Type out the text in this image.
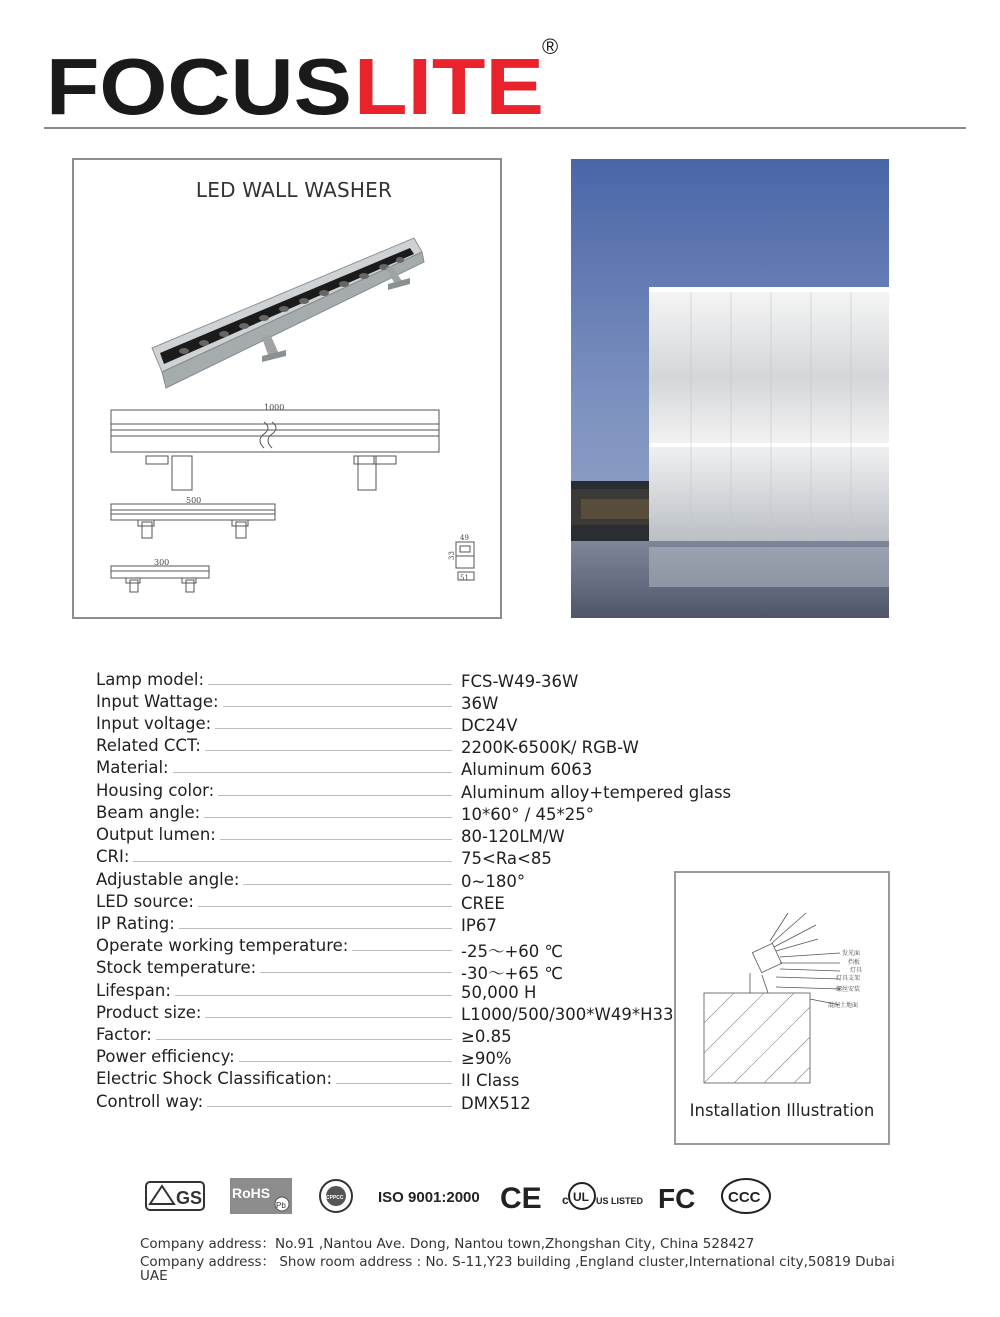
FOCUS LITE
®
LED WALL WASHER
1000
500
300
49
33
51
Lamp model:	FCS-W49-36W
Input Wattage:	36W
Input voltage:	DC24V
Related CCT:	2200K-6500K/ RGB-W
Material:	Aluminum 6063
Housing color:	Aluminum alloy+tempered glass
Beam angle:	10*60° / 45*25°
Output lumen:	80-120LM/W
CRI:	75<Ra<85
Adjustable angle:	0~180°
LED source:	CREE
IP Rating:	IP67
Operate working temperature:	-25～+60 ℃
Stock temperature:	-30～+65 ℃
Lifespan:	50,000 H
Product size:	L1000/500/300*W49*H33
Factor:	≥0.85
Power efficiency:	≥90%
Electric Shock Classification:	II Class
Controll way:	DMX512
发光面
挡板
灯具
灯具支架
螺丝安装
混泥土地面
Installation Illustration
GS RoHS
Pb
CPPCC ISO 9001:2000 CE c UL US LISTED FC CCC
Company address：No.91 ,Nantou Ave. Dong, Nantou town,Zhongshan City, China 528427
Company address： Show room address : No. S-11,Y23 building ,England cluster,International city,50819 Dubai
UAE
